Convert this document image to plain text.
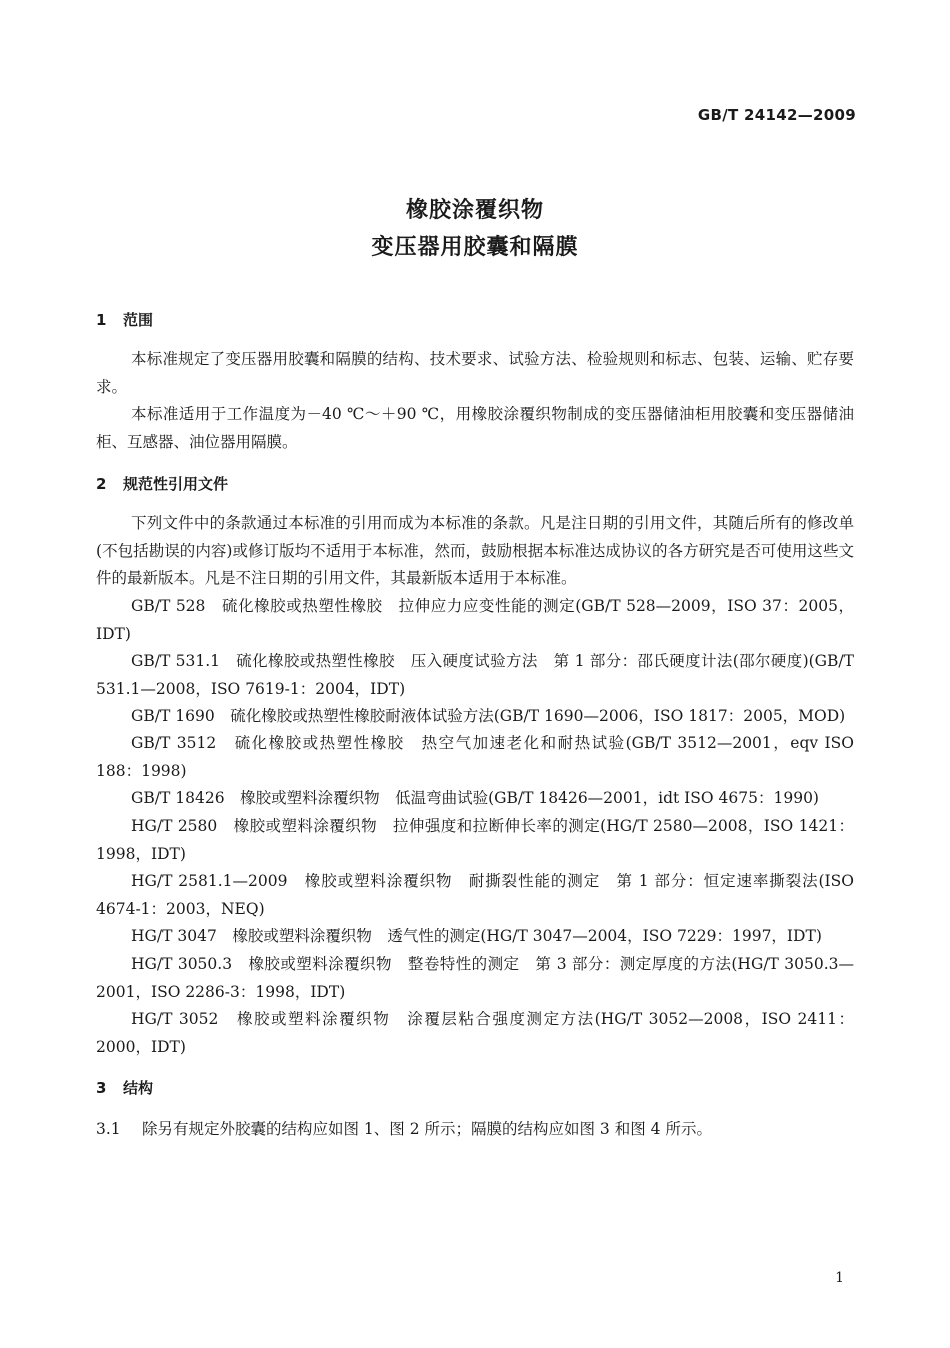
GB/T 24142—2009
橡胶涂覆织物
变压器用胶囊和隔膜
1 范围
本标准规定了变压器用胶囊和隔膜的结构、技术要求、试验方法、检验规则和标志、包装、运输、贮存要求。
本标准适用于工作温度为－40 ℃～＋90 ℃，用橡胶涂覆织物制成的变压器储油柜用胶囊和变压器储油柜、互感器、油位器用隔膜。
2 规范性引用文件
下列文件中的条款通过本标准的引用而成为本标准的条款。凡是注日期的引用文件，其随后所有的修改单(不包括勘误的内容)或修订版均不适用于本标准，然而，鼓励根据本标准达成协议的各方研究是否可使用这些文件的最新版本。凡是不注日期的引用文件，其最新版本适用于本标准。
GB/T 528　硫化橡胶或热塑性橡胶　拉伸应力应变性能的测定(GB/T 528—2009，ISO 37：2005，IDT)
GB/T 531.1　硫化橡胶或热塑性橡胶　压入硬度试验方法　第 1 部分：邵氏硬度计法(邵尔硬度)(GB/T 531.1—2008，ISO 7619-1：2004，IDT)
GB/T 1690　硫化橡胶或热塑性橡胶耐液体试验方法(GB/T 1690—2006，ISO 1817：2005，MOD)
GB/T 3512　硫化橡胶或热塑性橡胶　热空气加速老化和耐热试验(GB/T 3512—2001，eqv ISO 188：1998)
GB/T 18426　橡胶或塑料涂覆织物　低温弯曲试验(GB/T 18426—2001，idt ISO 4675：1990)
HG/T 2580　橡胶或塑料涂覆织物　拉伸强度和拉断伸长率的测定(HG/T 2580—2008，ISO 1421：1998，IDT)
HG/T 2581.1—2009　橡胶或塑料涂覆织物　耐撕裂性能的测定　第 1 部分：恒定速率撕裂法(ISO 4674-1：2003，NEQ)
HG/T 3047　橡胶或塑料涂覆织物　透气性的测定(HG/T 3047—2004，ISO 7229：1997，IDT)
HG/T 3050.3　橡胶或塑料涂覆织物　整卷特性的测定　第 3 部分：测定厚度的方法(HG/T 3050.3—2001，ISO 2286-3：1998，IDT)
HG/T 3052　橡胶或塑料涂覆织物　涂覆层粘合强度测定方法(HG/T 3052—2008，ISO 2411：2000，IDT)
3 结构
3.1 除另有规定外胶囊的结构应如图 1、图 2 所示；隔膜的结构应如图 3 和图 4 所示。
1
